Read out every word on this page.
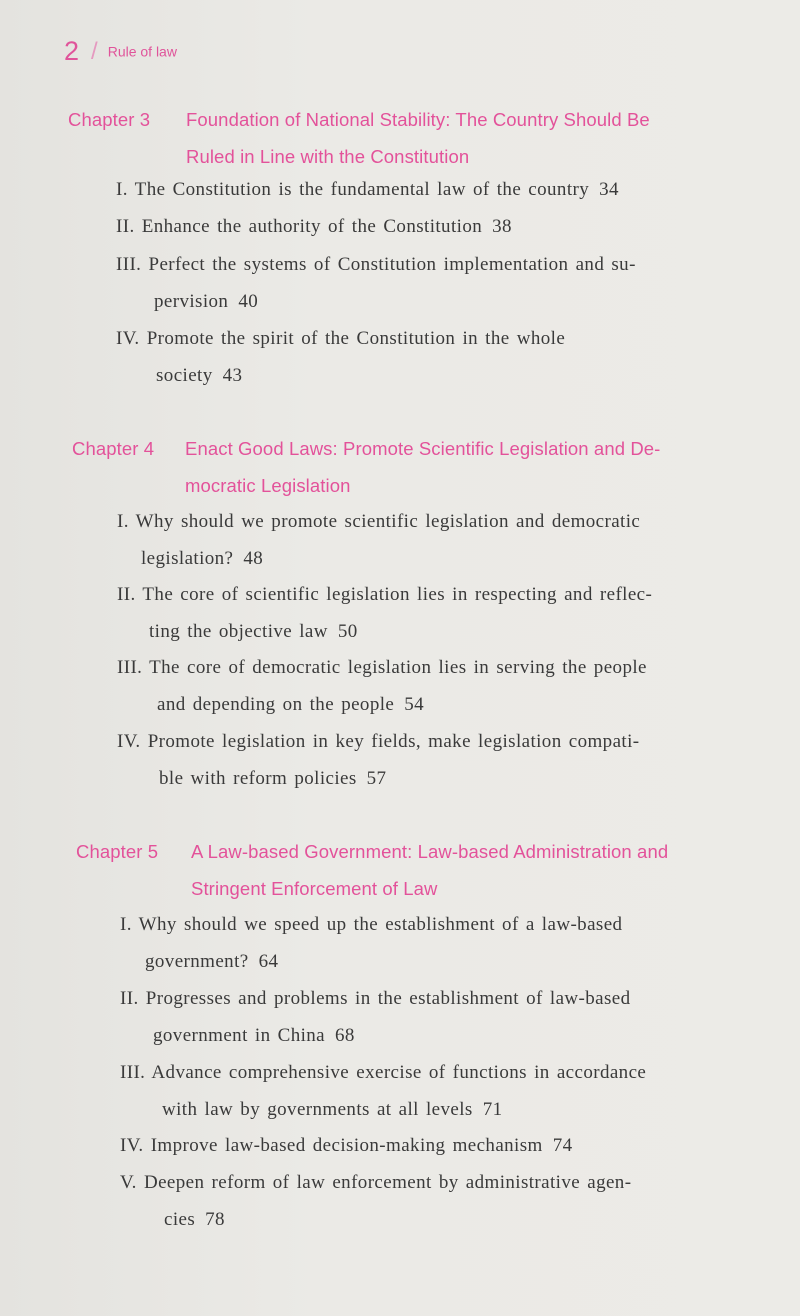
2 / Rule of law
Chapter 3 Foundation of National Stability: The Country Should Be
Ruled in Line with the Constitution
I. The Constitution is the fundamental law of the country 34
II. Enhance the authority of the Constitution 38
III. Perfect the systems of Constitution implementation and su-
pervision 40
IV. Promote the spirit of the Constitution in the whole
society 43
Chapter 4 Enact Good Laws: Promote Scientific Legislation and De-
mocratic Legislation
I. Why should we promote scientific legislation and democratic
legislation? 48
II. The core of scientific legislation lies in respecting and reflec-
ting the objective law 50
III. The core of democratic legislation lies in serving the people
and depending on the people 54
IV. Promote legislation in key fields, make legislation compati-
ble with reform policies 57
Chapter 5 A Law-based Government: Law-based Administration and
Stringent Enforcement of Law
I. Why should we speed up the establishment of a law-based
government? 64
II. Progresses and problems in the establishment of law-based
government in China 68
III. Advance comprehensive exercise of functions in accordance
with law by governments at all levels 71
IV. Improve law-based decision-making mechanism 74
V. Deepen reform of law enforcement by administrative agen-
cies 78
